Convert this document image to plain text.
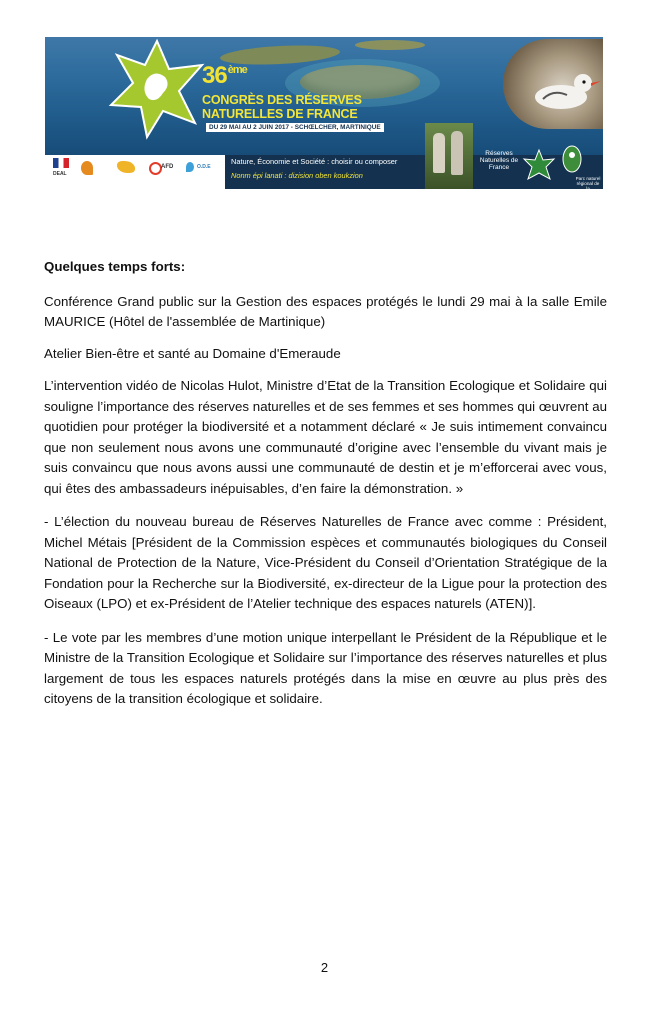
36ème
CONGRÈS DES RÉSERVES
NATURELLES DE FRANCE
DU 29 MAI AU 2 JUIN 2017 - SCHŒLCHER, MARTINIQUE
DEAL
AFD	O.D.E
Nature, Économie et Société : choisir ou composer
Nonm épi lanati : dizision oben koukzion
Réserves Naturelles de France
Parc naturel régional de la Martinique

Quelques temps forts:

Conférence Grand public sur la Gestion des espaces protégés le lundi 29 mai à la salle Emile MAURICE (Hôtel de l'assemblée de Martinique)

Atelier Bien-être et santé au Domaine d'Emeraude

L’intervention vidéo de Nicolas Hulot, Ministre d’Etat de la Transition Ecologique et Solidaire qui souligne l’importance des réserves naturelles et de ses femmes et ses hommes qui œuvrent au quotidien pour protéger la biodiversité et a notamment déclaré « Je suis intimement convaincu que non seulement nous avons une communauté d’origine avec l’ensemble du vivant mais je suis convaincu que nous avons aussi une communauté de destin et je m’efforcerai avec vous, qui êtes des ambassadeurs inépuisables, d’en faire la démonstration. »

- L’élection du nouveau bureau de Réserves Naturelles de France avec comme : Président, Michel Métais [Président de la Commission espèces et communautés biologiques du Conseil National de Protection de la Nature, Vice-Président du Conseil d’Orientation Stratégique de la Fondation pour la Recherche sur la Biodiversité, ex-directeur de la Ligue pour la protection des Oiseaux (LPO) et ex-Président de l’Atelier technique des espaces naturels (ATEN)].

- Le vote par les membres d’une motion unique interpellant le Président de la République et le Ministre de la Transition Ecologique et Solidaire sur l’importance des réserves naturelles et plus largement de tous les espaces naturels protégés dans la mise en œuvre au plus près des citoyens de la transition écologique et solidaire.

2
